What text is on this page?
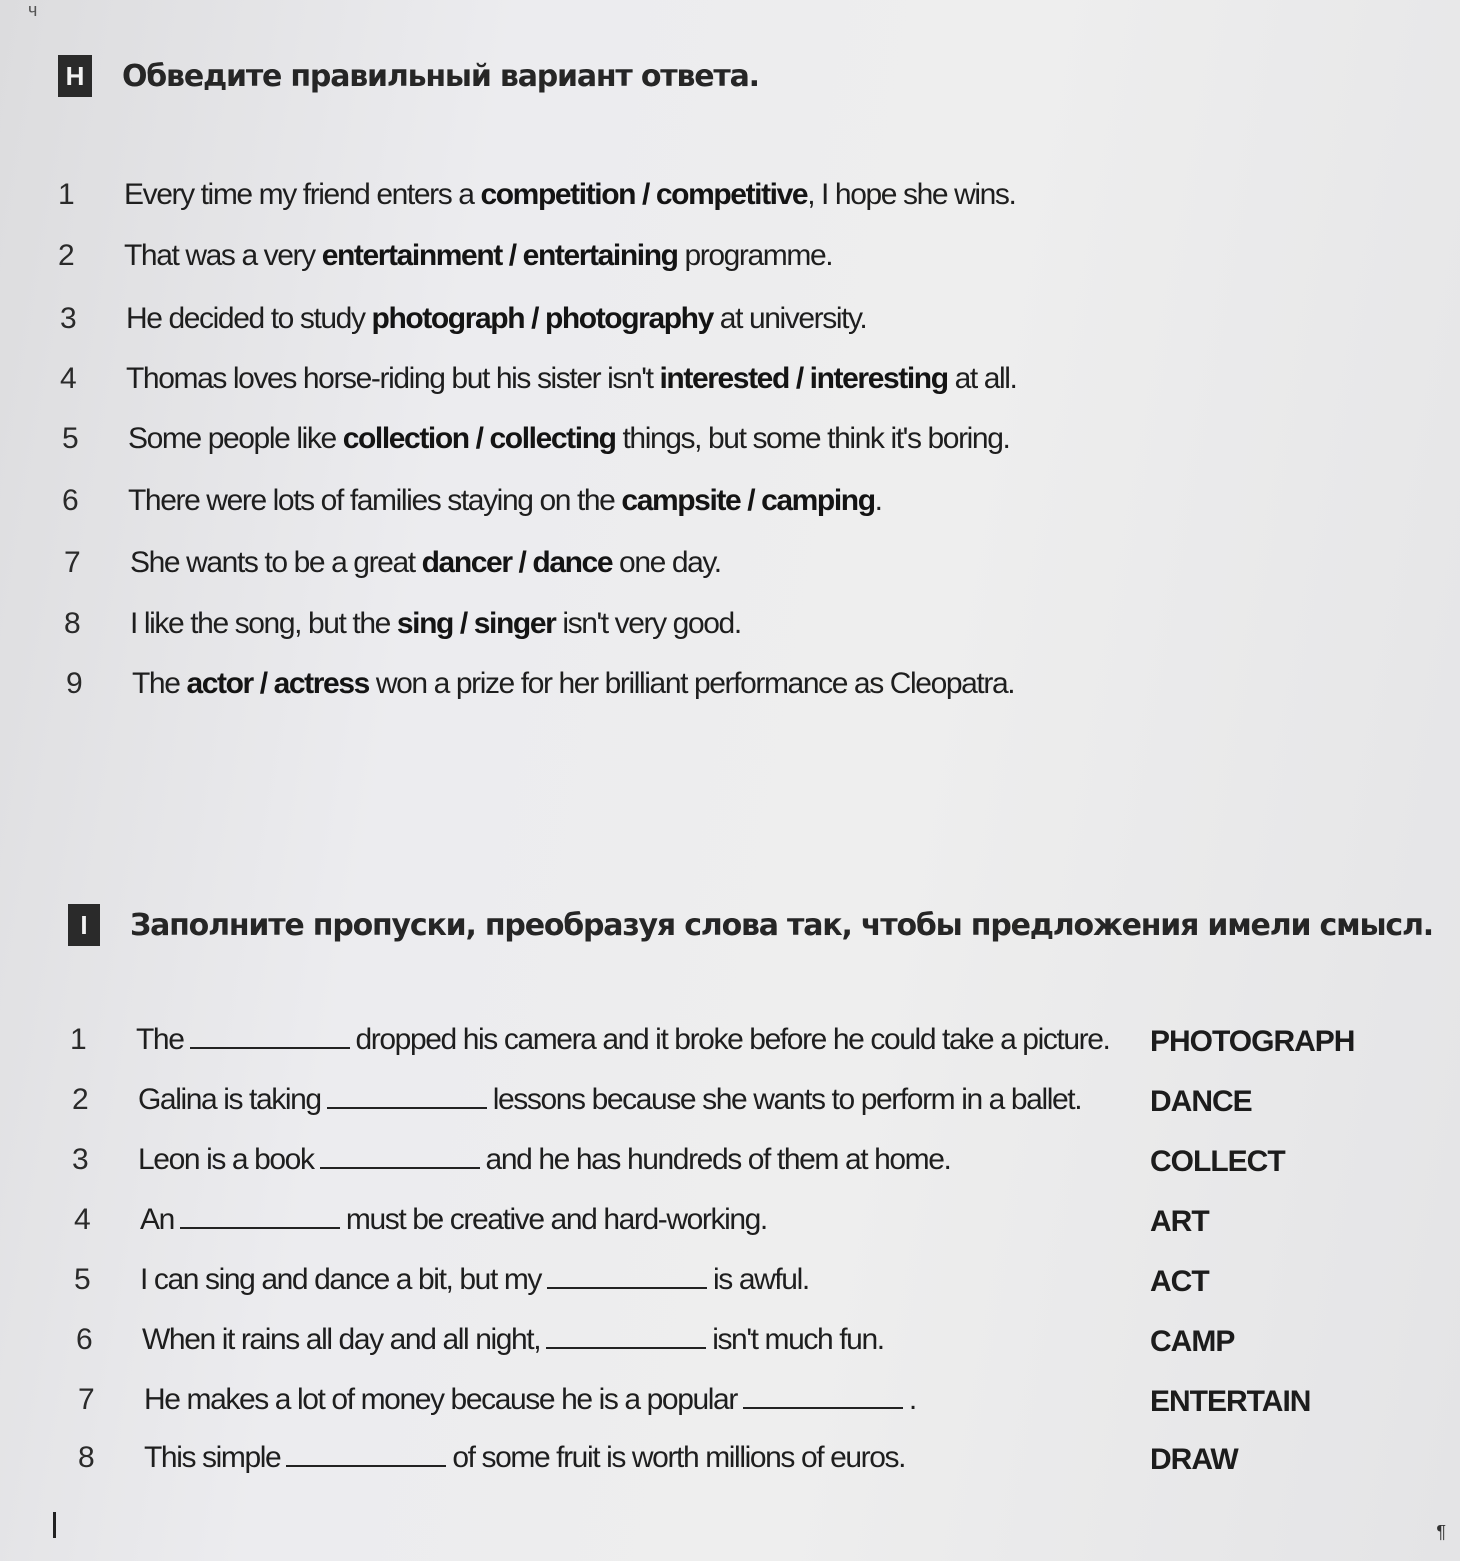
ч
H Обведите правильный вариант ответа.
1	Every time my friend enters a competition / competitive , I hope she wins.
2	That was a very entertainment / entertaining programme.
3	He decided to study photograph / photography at university.
4	Thomas loves horse-riding but his sister isn't interested / interesting at all.
5	Some people like collection / collecting things, but some think it's boring.
6	There were lots of families staying on the campsite / camping .
7	She wants to be a great dancer / dance one day.
8	I like the song, but the sing / singer isn't very good.
9	The actor / actress won a prize for her brilliant performance as Cleopatra.
I	Заполните пропуски, преобразуя слова так, чтобы предложения имели смысл.
1	The	dropped his camera and it broke before he could take a picture. PHOTOGRAPH
2	Galina is taking	lessons because she wants to perform in a ballet. DANCE
3	Leon is a book	and he has hundreds of them at home.	COLLECT
4	An	must be creative and hard-working.	ART
5	I can sing and dance a bit, but my	is awful.	ACT
6	When it rains all day and all night,	isn't much fun.	CAMP
7	He makes a lot of money because he is a popular	.	ENTERTAIN
8	This simple	of some fruit is worth millions of euros.	DRAW
¶
